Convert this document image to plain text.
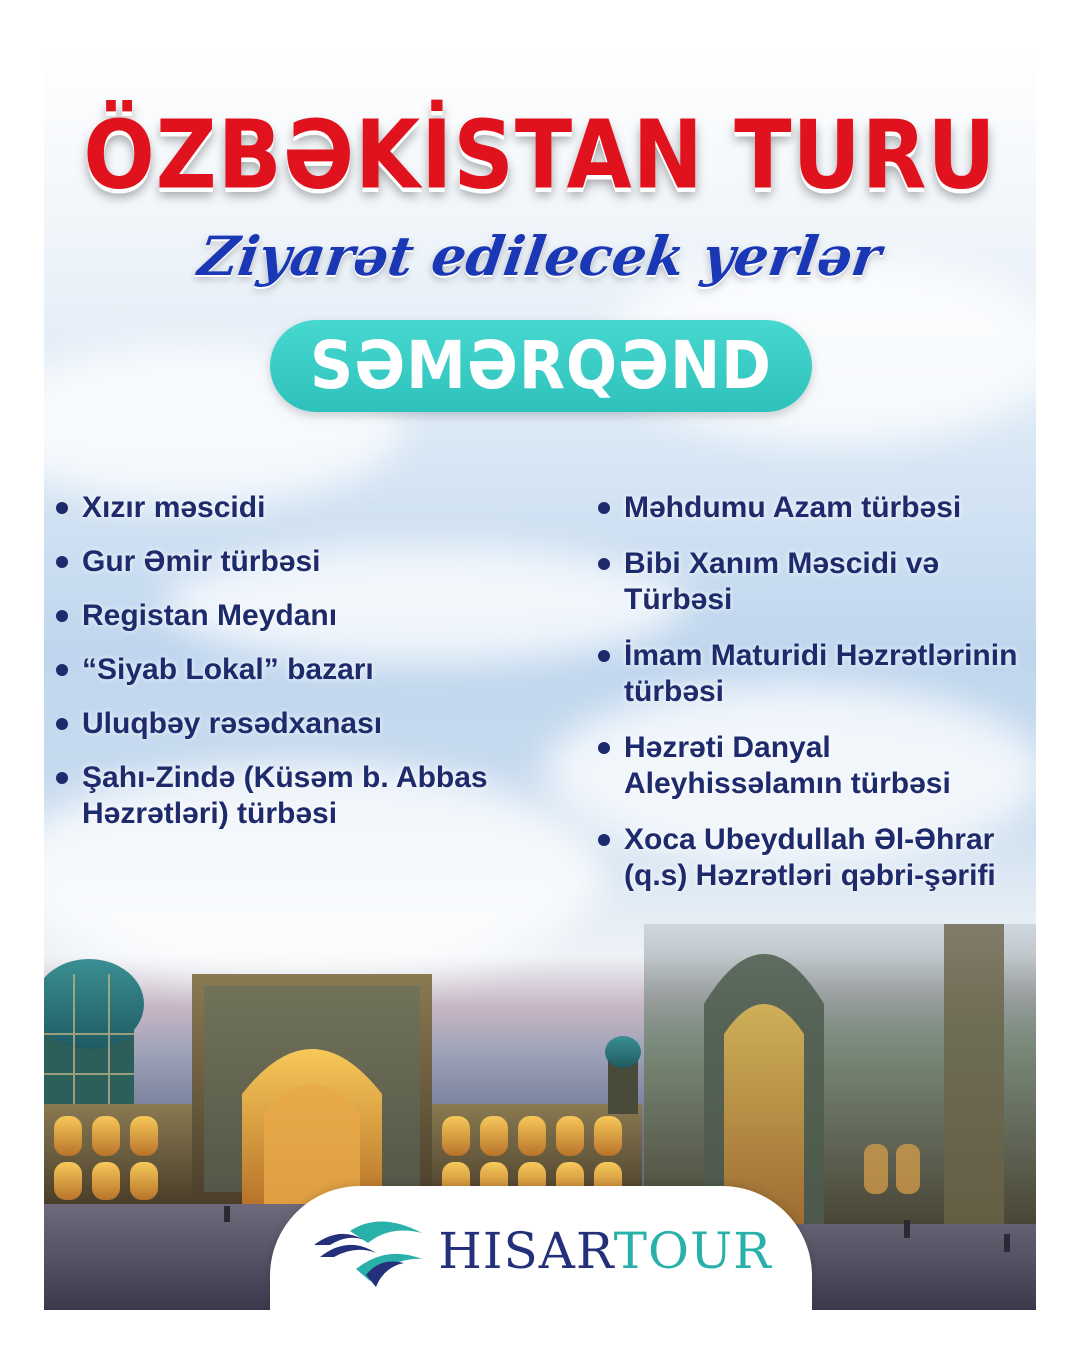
ÖZBƏKİSTAN TURU
Ziyarət edilecek yerlər
SƏMƏRQƏND
Xızır məscidi
Gur Əmir türbəsi
Registan Meydanı
“Siyab Lokal” bazarı
Uluqbəy rəsədxanası
Şahı-Zində (Küsəm b. Abbas Həzrətləri) türbəsi
Məhdumu Azam türbəsi
Bibi Xanım Məscidi və Türbəsi
İmam Maturidi Həzrətlərinin türbəsi
Həzrəti Danyal Aleyhissəlamın türbəsi
Xoca Ubeydullah Əl-Əhrar (q.s) Həzrətləri qəbri-şərifi
HISARTOUR
